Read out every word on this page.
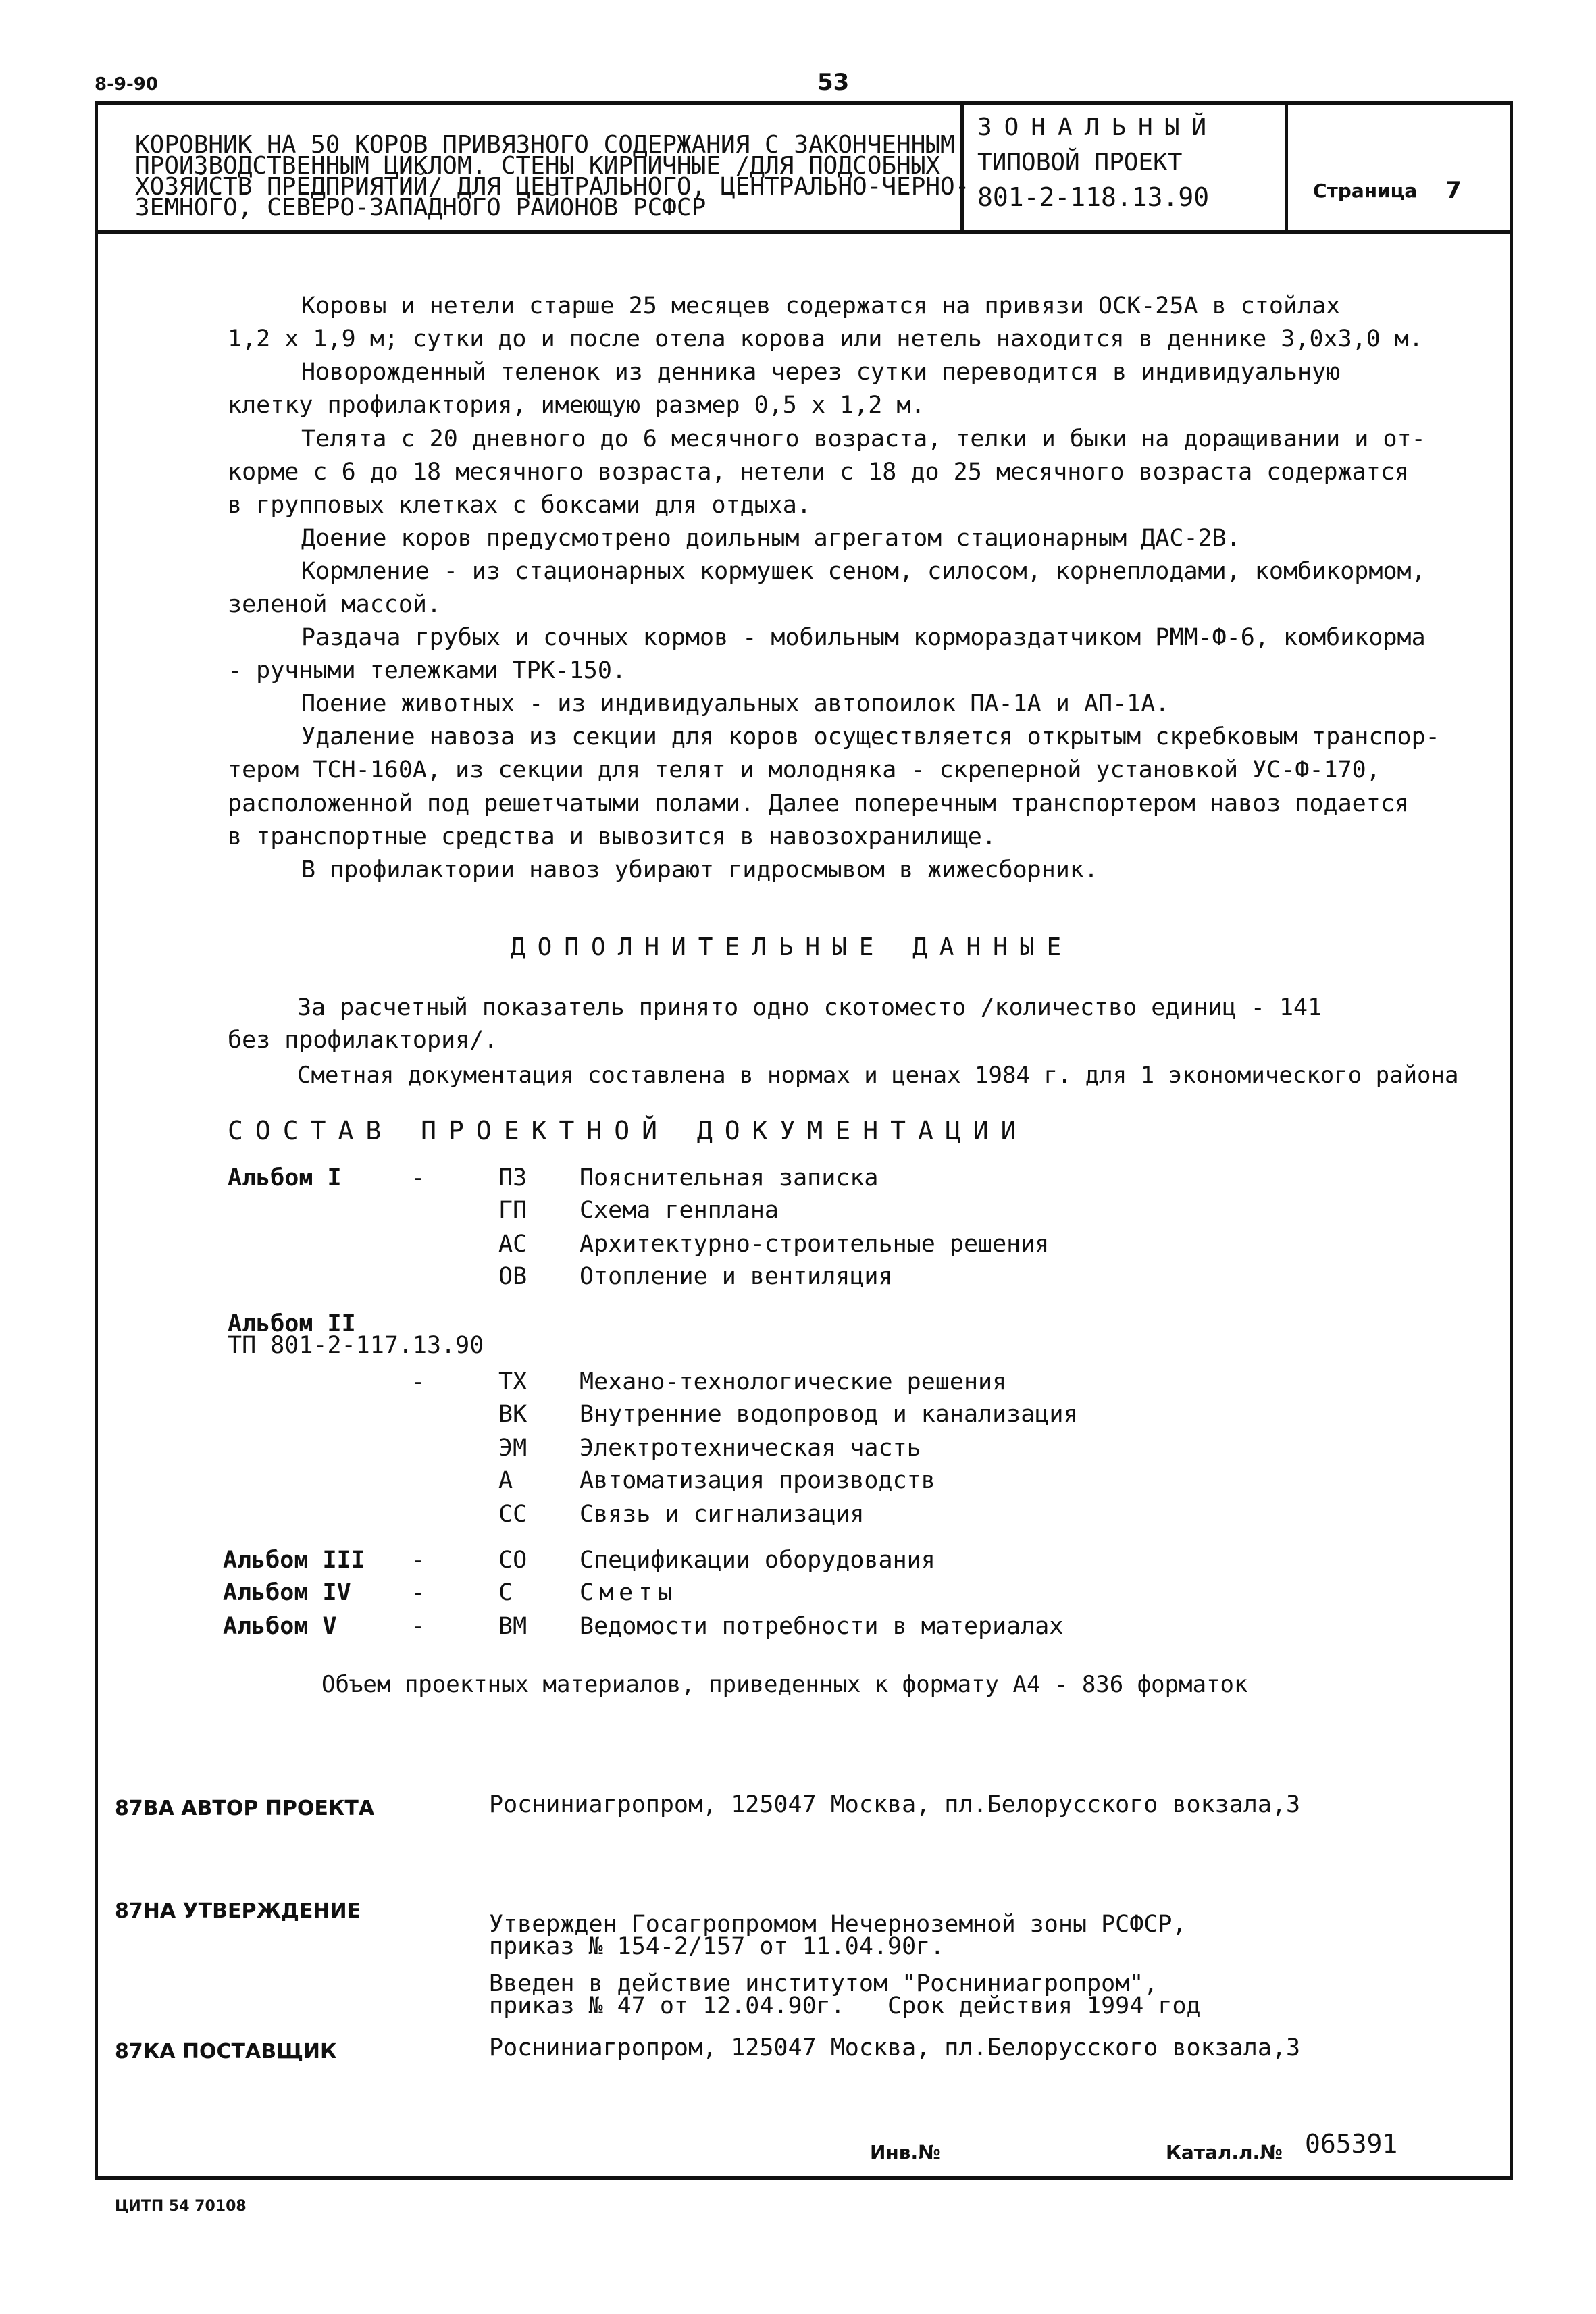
8-9-90	53

КОРОВНИК НА 50 КОРОВ ПРИВЯЗНОГО СОДЕРЖАНИЯ С ЗАКОНЧЕННЫМ
ПРОИЗВОДСТВЕННЫМ ЦИКЛОМ. СТЕНЫ КИРПИЧНЫЕ /ДЛЯ ПОДСОБНЫХ
ХОЗЯЙСТВ ПРЕДПРИЯТИЙ/ ДЛЯ ЦЕНТРАЛЬНОГО, ЦЕНТРАЛЬНО-ЧЕРНО-
ЗЕМНОГО, СЕВЕРО-ЗАПАДНОГО РАЙОНОВ РСФСР
ЗОНАЛЬНЫЙ
ТИПОВОЙ ПРОЕКТ
801-2-118.13.90	Страница 7
Коровы и нетели старше 25 месяцев содержатся на привязи ОСК-25А в стойлах
1,2 х 1,9 м; сутки до и после отела корова или нетель находится в деннике 3,0х3,0 м.
Новорожденный теленок из денника через сутки переводится в индивидуальную
клетку профилактория, имеющую размер 0,5 х 1,2 м.
Телята с 20 дневного до 6 месячного возраста, телки и быки на доращивании и от-
корме с 6 до 18 месячного возраста, нетели с 18 до 25 месячного возраста содержатся
в групповых клетках с боксами для отдыха.
Доение коров предусмотрено доильным агрегатом стационарным ДАС-2В.
Кормление - из стационарных кормушек сеном, силосом, корнеплодами, комбикормом,
зеленой массой.
Раздача грубых и сочных кормов - мобильным кормораздатчиком РММ-Ф-6, комбикорма
- ручными тележками ТРК-150.
Поение животных - из индивидуальных автопоилок ПА-1А и АП-1А.
Удаление навоза из секции для коров осуществляется открытым скребковым транспор-
тером ТСН-160А, из секции для телят и молодняка - скреперной установкой УС-Ф-170,
расположенной под решетчатыми полами. Далее поперечным транспортером навоз подается
в транспортные средства и вывозится в навозохранилище.
В профилактории навоз убирают гидросмывом в жижесборник.
ДОПОЛНИТЕЛЬНЫЕ ДАННЫЕ
За расчетный показатель принято одно скотоместо /количество единиц - 141
без профилактория/.
Сметная документация составлена в нормах и ценах 1984 г. для 1 экономического района
СОСТАВ ПРОЕКТНОЙ ДОКУМЕНТАЦИИ
Альбом I	-	ПЗ Пояснительная записка
ГП Схема генплана
АС Архитектурно-строительные решения
ОВ Отопление и вентиляция
Альбом II
ТП 801-2-117.13.90
-	ТХ Механо-технологические решения
ВК Внутренние водопровод и канализация
ЭМ Электротехническая часть
А	Автоматизация производств
СС Связь и сигнализация
Альбом III -	СО Спецификации оборудования
Альбом IV	-	С	Сметы
Альбом V	-	ВМ Ведомости потребности в материалах
Объем проектных материалов, приведенных к формату А4 - 836 форматок
87ВА АВТОР ПРОЕКТА	Росниниагропром, 125047 Москва, пл.Белорусского вокзала,3
87НА УТВЕРЖДЕНИЕ	Утвержден Госагропромом Нечерноземной зоны РСФСР,
приказ № 154-2/157 от 11.04.90г.
Введен в действие институтом "Росниниагропром",
приказ № 47 от 12.04.90г.   Срок действия 1994 год
87КА ПОСТАВЩИК	Росниниагропром, 125047 Москва, пл.Белорусского вокзала,3
Инв.№	Катал.л.№ 065391
ЦИТП 54 70108
